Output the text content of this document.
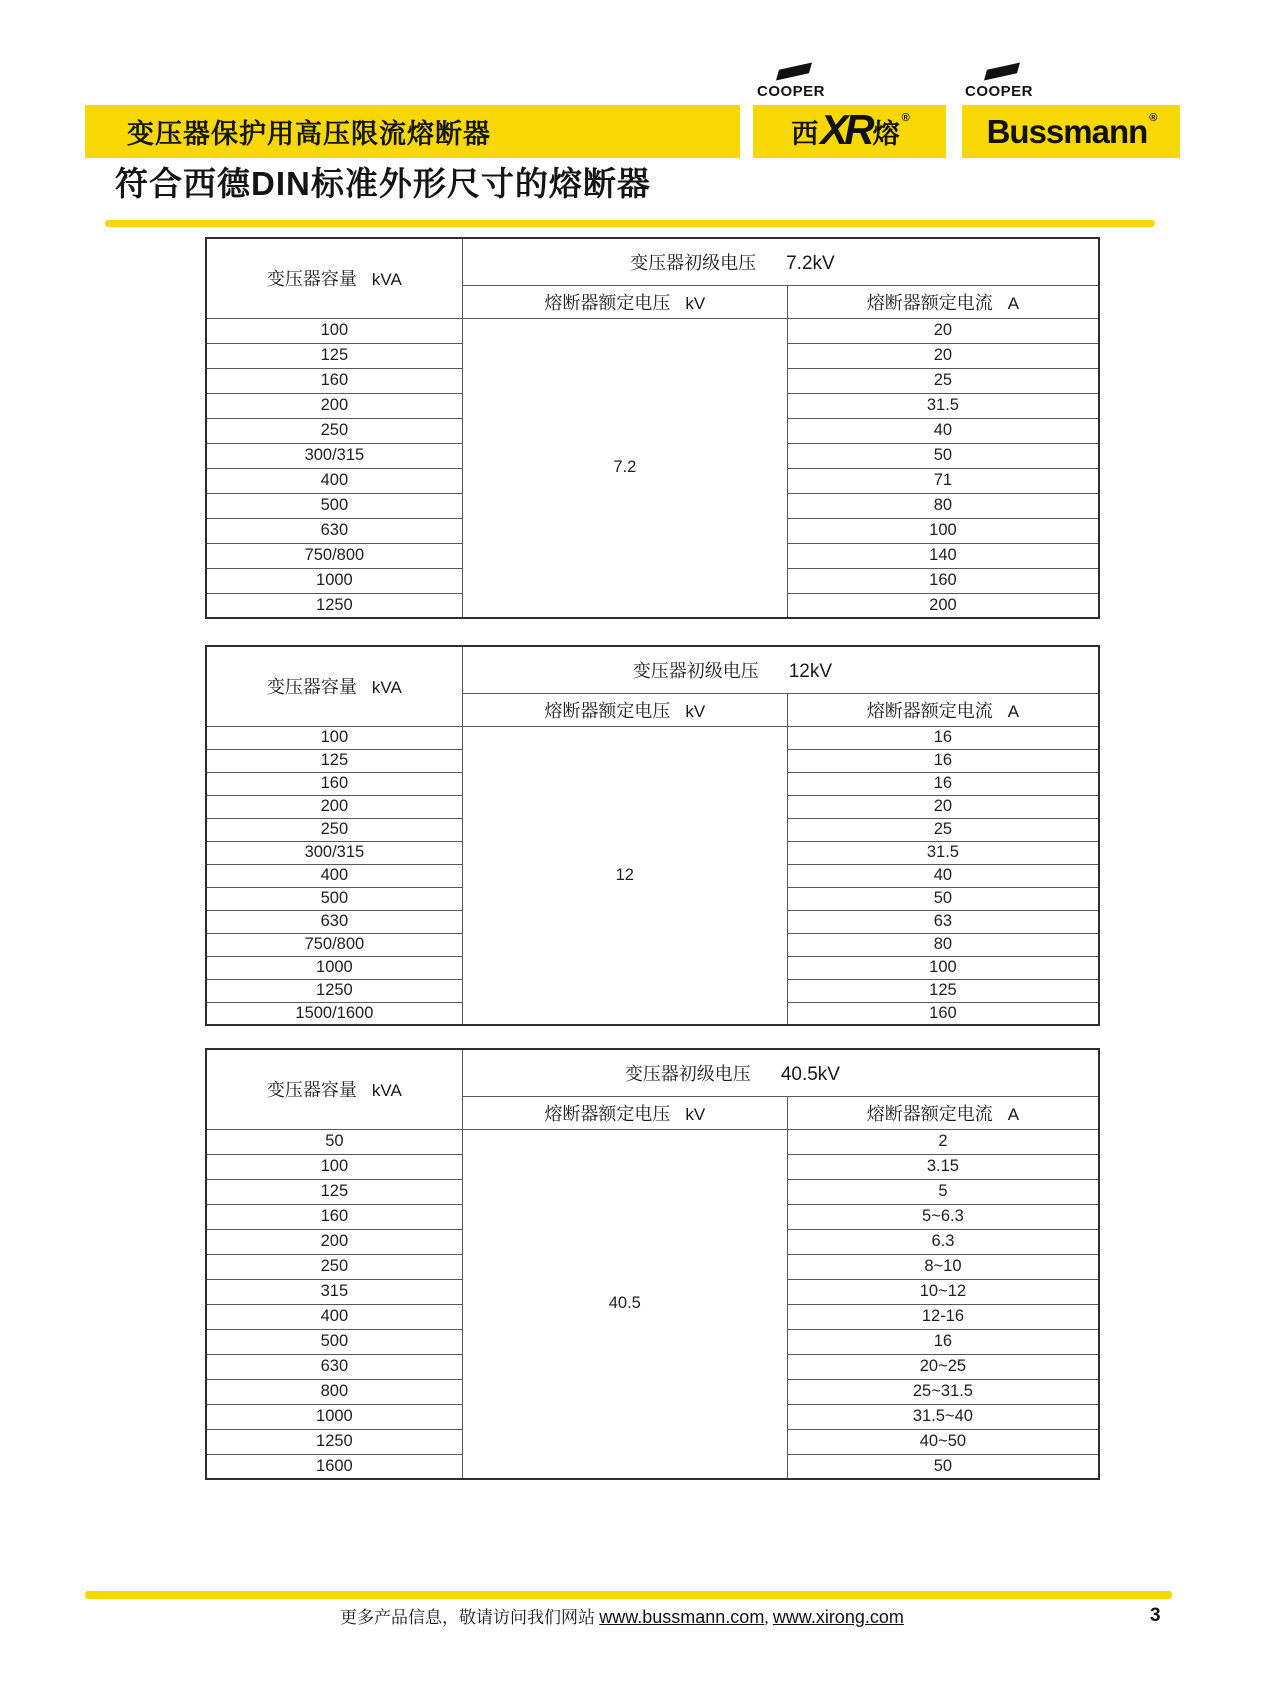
变压器保护用高压限流熔断器
COOPER
西 XR 熔
®
COOPER
Bussmann ®
符合西德DIN标准外形尺寸的熔断器
变压器容量 kVA	变压器初级电压 7.2kV	
	熔断器额定电压 kV	熔断器额定电流 A
100	7.2	20
125		20
160		25
200		31.5
250		40
300/315		50
400		71
500		80
630		100
750/800		140
1000		160
1250		200
变压器容量 kVA	变压器初级电压 12kV	
	熔断器额定电压 kV	熔断器额定电流 A
100	12	16
125		16
160		16
200		20
250		25
300/315		31.5
400		40
500		50
630		63
750/800		80
1000		100
1250		125
1500/1600		160
变压器容量 kVA	变压器初级电压 40.5kV	
	熔断器额定电压 kV	熔断器额定电流 A
50	40.5	2
100		3.15
125		5
160		5~6.3
200		6.3
250		8~10
315		10~12
400		12-16
500		16
630		20~25
800		25~31.5
1000		31.5~40
1250		40~50
1600		50
更多产品信息，敬请访问我们网站 www.bussmann.com, www.xirong.com	3
